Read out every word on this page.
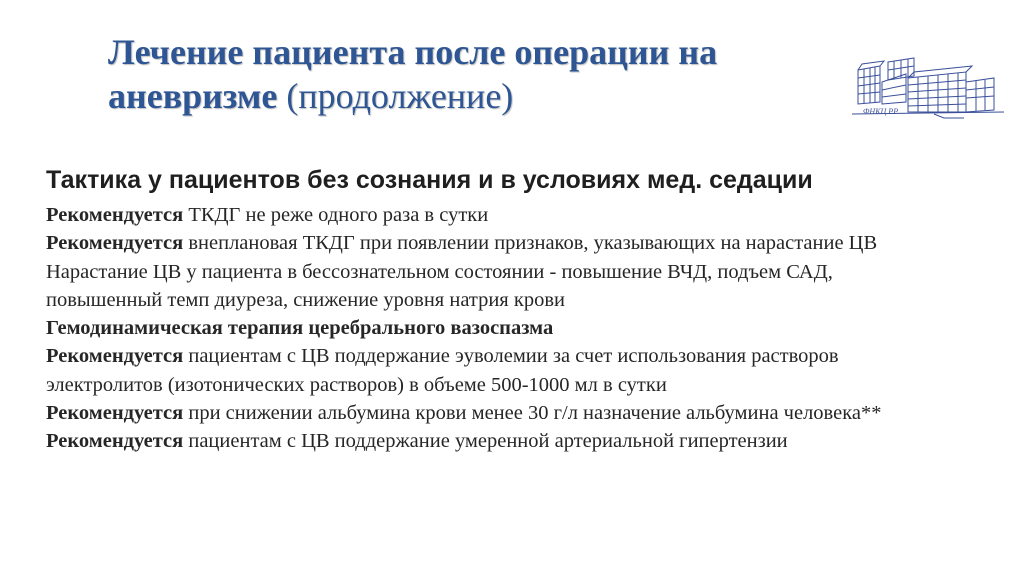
Лечение пациента после операции на аневризме (продолжение)	ФНКЦ РР
Тактика у пациентов без сознания и в условиях мед. седации
Рекомендуется ТКДГ не реже одного раза в сутки
Рекомендуется внеплановая ТКДГ при появлении признаков, указывающих на нарастание ЦВ
Нарастание ЦВ у пациента в бессознательном состоянии - повышение ВЧД, подъем САД,
повышенный темп диуреза, снижение уровня натрия крови
Гемодинамическая терапия церебрального вазоспазма
Рекомендуется пациентам с ЦВ поддержание эуволемии за счет использования растворов
электролитов (изотонических растворов) в объеме 500-1000 мл в сутки
Рекомендуется при снижении альбумина крови менее 30 г/л назначение альбумина человека**
Рекомендуется пациентам с ЦВ поддержание умеренной артериальной гипертензии
